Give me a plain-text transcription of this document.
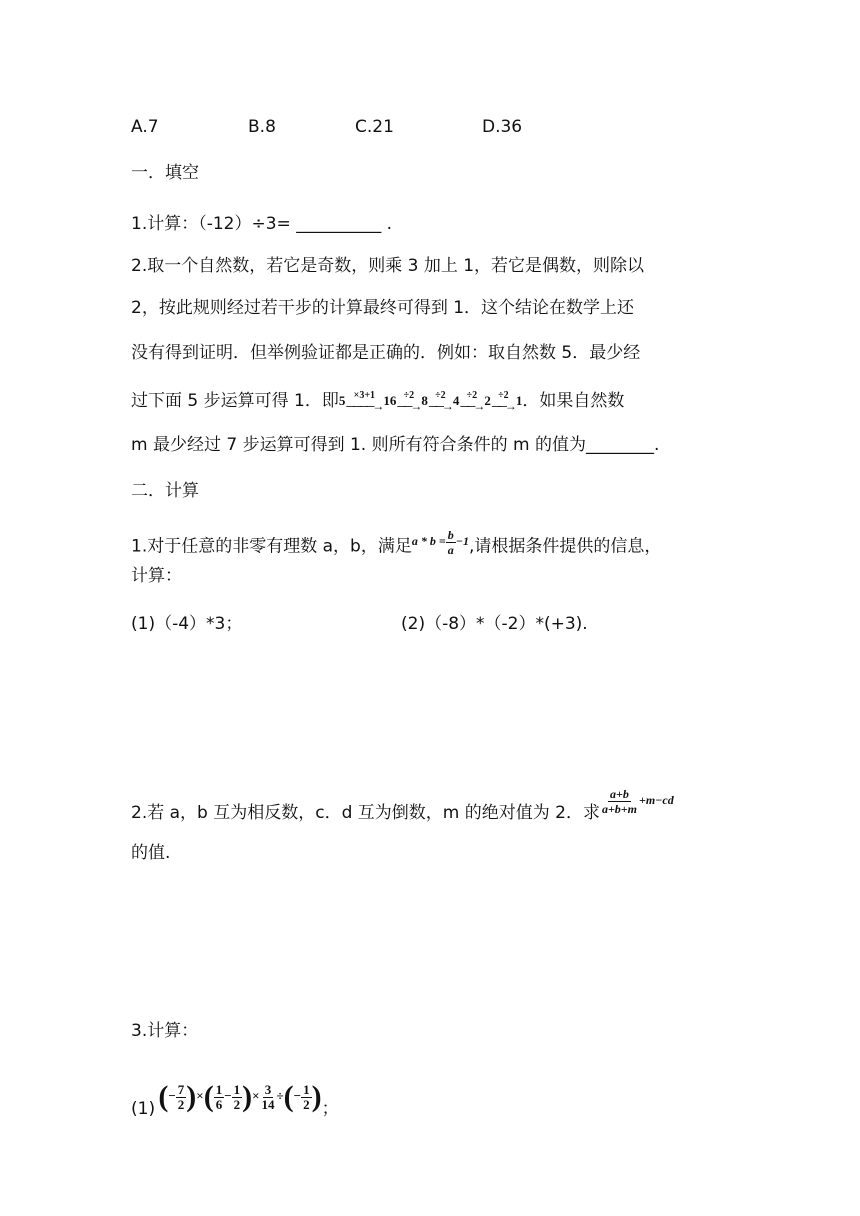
A.7	B.8	C.21	D.36
一．填空
1.计算：（-12）÷3= __________ .
2.取一个自然数，若它是奇数，则乘 3 加上 1，若它是偶数，则除以
2，按此规则经过若干步的计算最终可得到 1．这个结论在数学上还
没有得到证明．但举例验证都是正确的．例如：取自然数 5．最少经
过下面 5 步运算可得 1．即 5 ×3+1
────→ 16 ÷2
──→ 8 ÷2
──→ 4 ÷2
──→ 2 ÷2
──→ 1 ．如果自然数
m 最少经过 7 步运算可得到 1. 则所有符合条件的 m 的值为________.
二．计算
1.对于任意的非零有理数 a，b，满足$^{a * b = \frac{b}{a} -1}$,请根据条件提供的信息，
计算：
(1)（-4）*3；	(2)（-8）*（-2）*(+3).
2.若 a，b 互为相反数，c．d 互为倒数，m 的绝对值为 2．求 $^{\frac{a+b}{a+b+m} +m-cd}$
的值.
3.计算：
(1) (− $\frac{7}{2}$ )×( $\frac{1}{6} - \frac{1}{2}$ )× $\frac{3}{14}$ ÷(− $\frac{1}{2}$ )；
